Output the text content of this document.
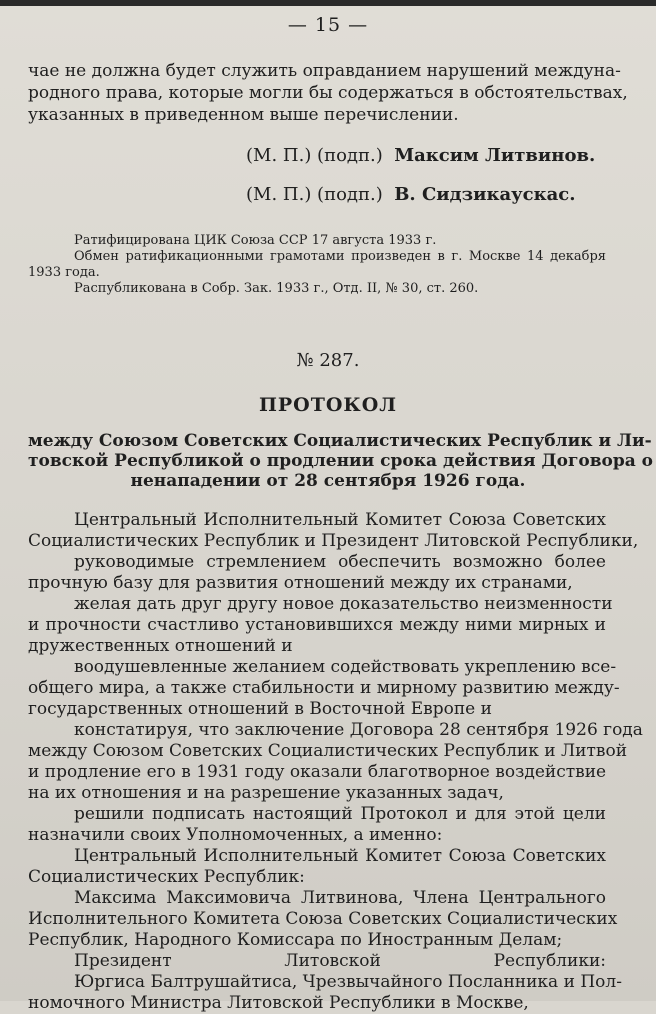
— 15 —
чае не должна будет служить оправданием нарушений междуна-
родного права, которые могли бы содержаться в обстоятельствах,
указанных в приведенном выше перечислении.
(М. П.) (подп.) Максим Литвинов.
(М. П.) (подп.) В. Сидзикаускас.
Ратифицирована ЦИК Союза ССР 17 августа 1933 г.
Обмен ратификационными грамотами произведен в г. Москве 14 декабря
1933 года.
Распубликована в Собр. Зак. 1933 г., Отд. II, № 30, ст. 260.
№ 287.
ПРОТОКОЛ
между Союзом Советских Социалистических Республик и Ли-
товской Республикой о продлении срока действия Договора о
ненападении от 28 сентября 1926 года.
Центральный Исполнительный Комитет Союза Советских
Социалистических Республик и Президент Литовской Республики,
руководимые стремлением обеспечить возможно более
прочную базу для развития отношений между их странами,
желая дать друг другу новое доказательство неизменности
и прочности счастливо установившихся между ними мирных и
дружественных отношений и
воодушевленные желанием содействовать укреплению все-
общего мира, а также стабильности и мирному развитию между-
государственных отношений в Восточной Европе и
констатируя, что заключение Договора 28 сентября 1926 года
между Союзом Советских Социалистических Республик и Литвой
и продление его в 1931 году оказали благотворное воздействие
на их отношения и на разрешение указанных задач,
решили подписать настоящий Протокол и для этой цели
назначили своих Уполномоченных, а именно:
Центральный Исполнительный Комитет Союза Советских
Социалистических Республик:
Максима Максимовича Литвинова, Члена Центрального
Исполнительного Комитета Союза Советских Социалистических
Республик, Народного Комиссара по Иностранным Делам;
Президент Литовской Республики:
Юргиса Балтрушайтиса, Чрезвычайного Посланника и Пол-
номочного Министра Литовской Республики в Москве,
